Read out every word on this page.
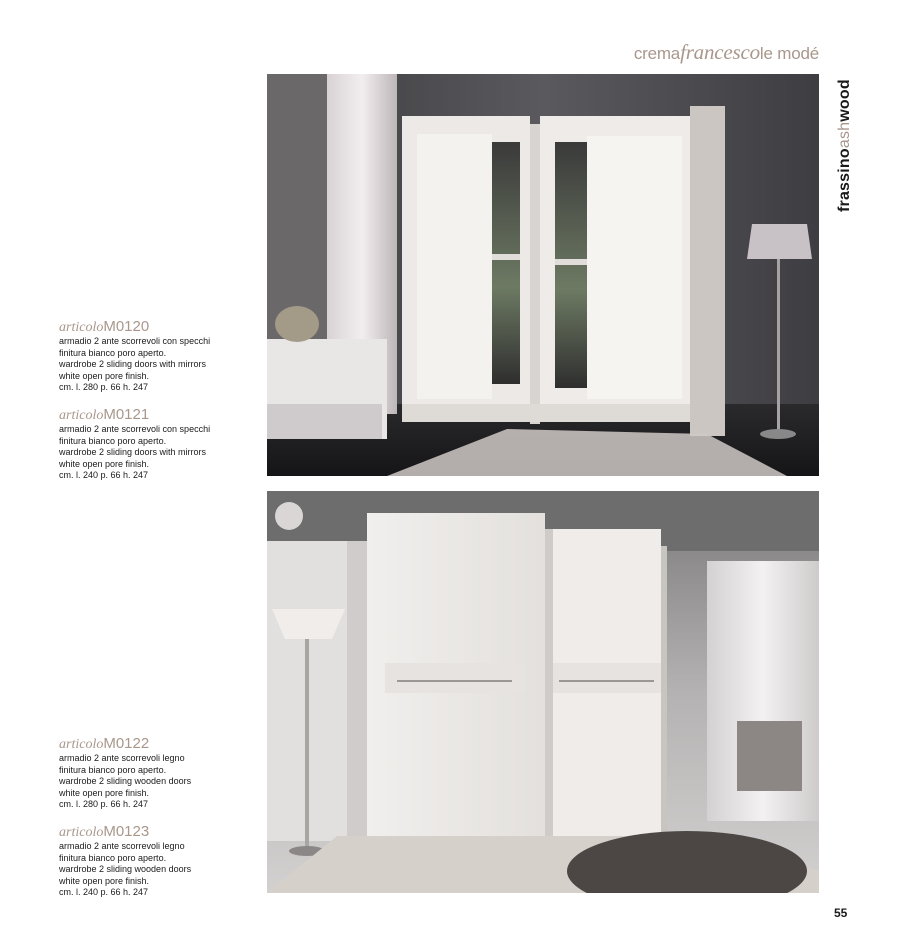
cremafrancescole modé
frassinoashwood
articoloM0120
armadio 2 ante scorrevoli con specchi
finitura bianco poro aperto.
wardrobe 2 sliding doors with mirrors
white open pore finish.
cm. l. 280 p. 66 h. 247
articoloM0121
armadio 2 ante scorrevoli con specchi
finitura bianco poro aperto.
wardrobe 2 sliding doors with mirrors
white open pore finish.
cm. l. 240 p. 66 h. 247
articoloM0122
armadio 2 ante scorrevoli legno
finitura bianco poro aperto.
wardrobe 2 sliding wooden doors
white open pore finish.
cm. l. 280 p. 66 h. 247
articoloM0123
armadio 2 ante scorrevoli legno
finitura bianco poro aperto.
wardrobe 2 sliding wooden doors
white open pore finish.
cm. l. 240 p. 66 h. 247
55
